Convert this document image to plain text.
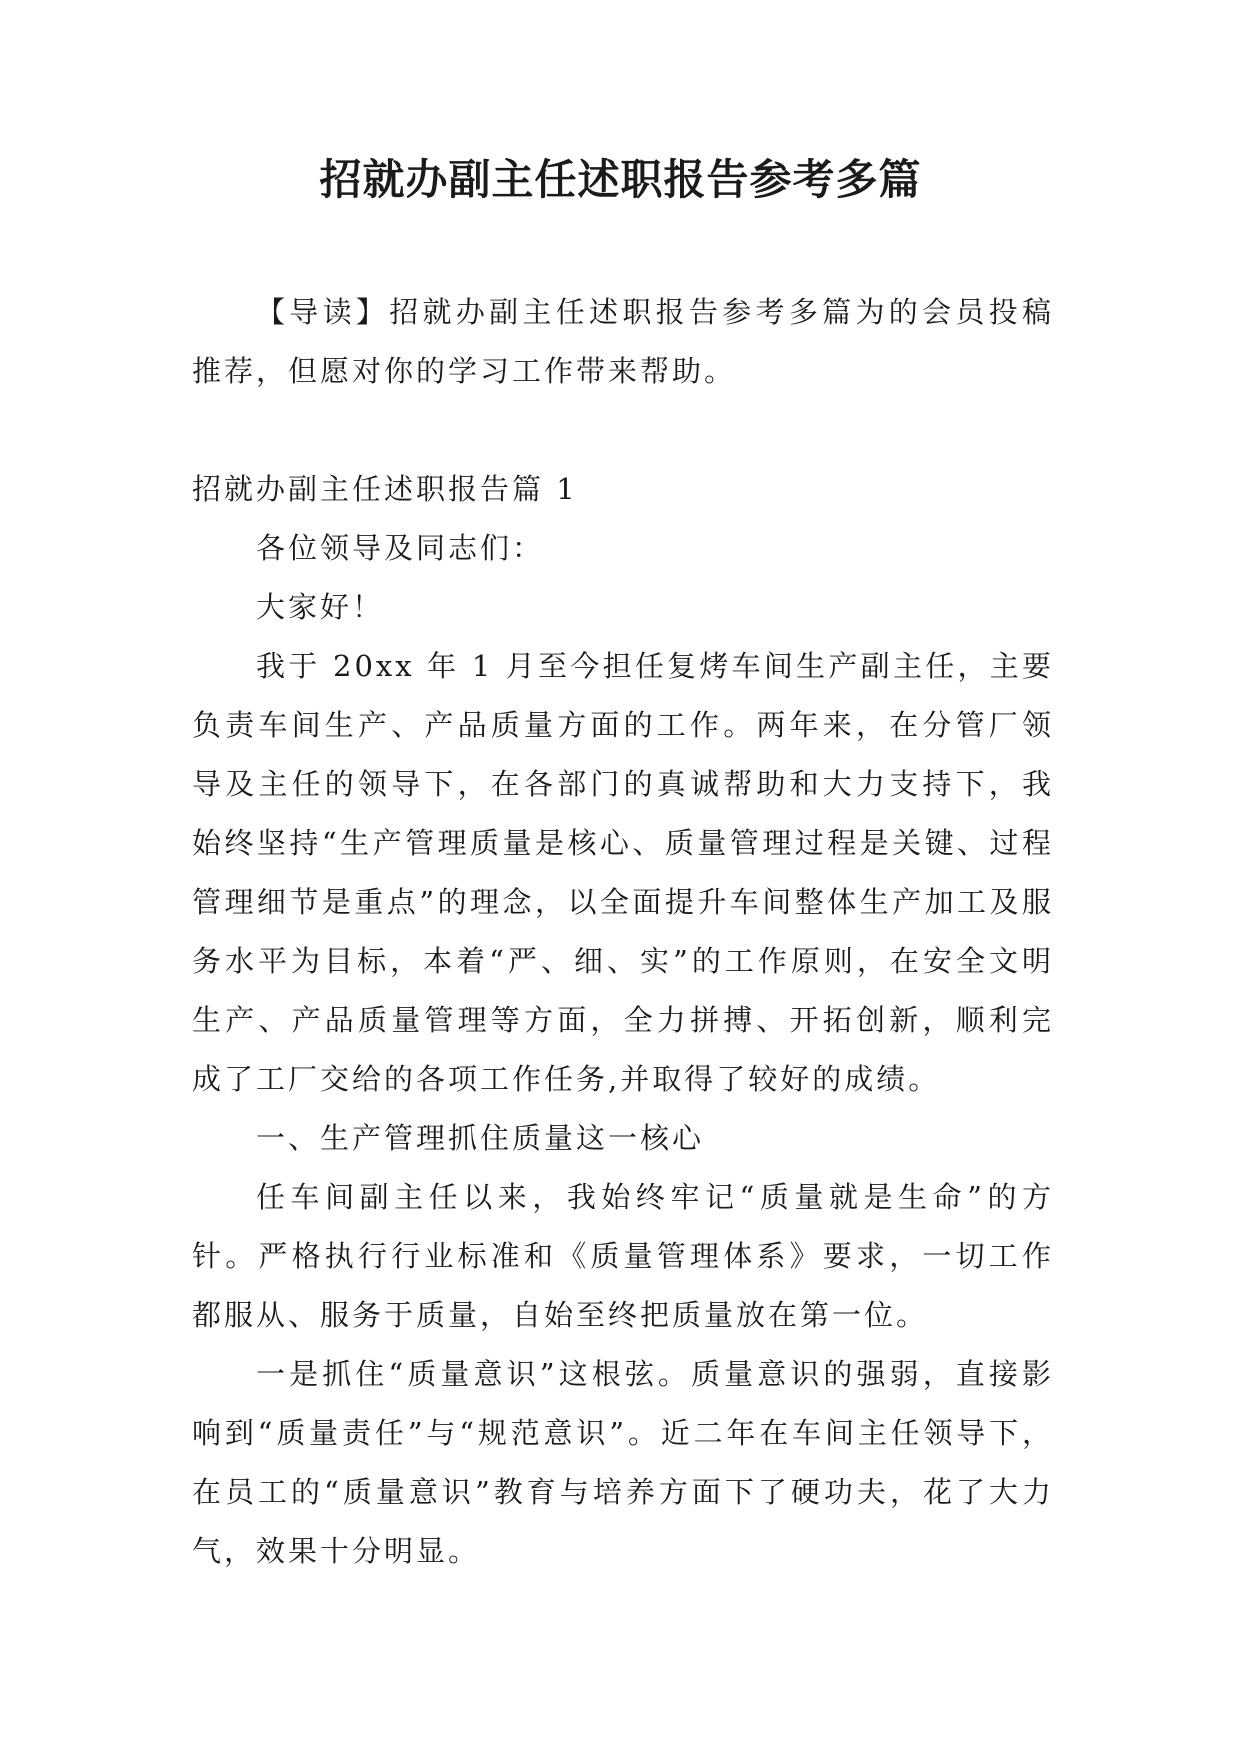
招就办副主任述职报告参考多篇

【导读】招就办副主任述职报告参考多篇为的会员投稿推荐，但愿对你的学习工作带来帮助。

招就办副主任述职报告篇 1

各位领导及同志们：

大家好！

我于 20xx 年 1 月至今担任复烤车间生产副主任，主要负责车间生产、产品质量方面的工作。两年来，在分管厂领导及主任的领导下，在各部门的真诚帮助和大力支持下，我始终坚持“生产管理质量是核心、质量管理过程是关键、过程管理细节是重点”的理念，以全面提升车间整体生产加工及服务水平为目标，本着“严、细、实”的工作原则，在安全文明生产、产品质量管理等方面，全力拼搏、开拓创新，顺利完成了工厂交给的各项工作任务,并取得了较好的成绩。

一、生产管理抓住质量这一核心

任车间副主任以来，我始终牢记“质量就是生命”的方针。严格执行行业标准和《质量管理体系》要求，一切工作都服从、服务于质量，自始至终把质量放在第一位。

一是抓住“质量意识”这根弦。质量意识的强弱，直接影响到“质量责任”与“规范意识”。近二年在车间主任领导下，在员工的“质量意识”教育与培养方面下了硬功夫，花了大力气，效果十分明显。
